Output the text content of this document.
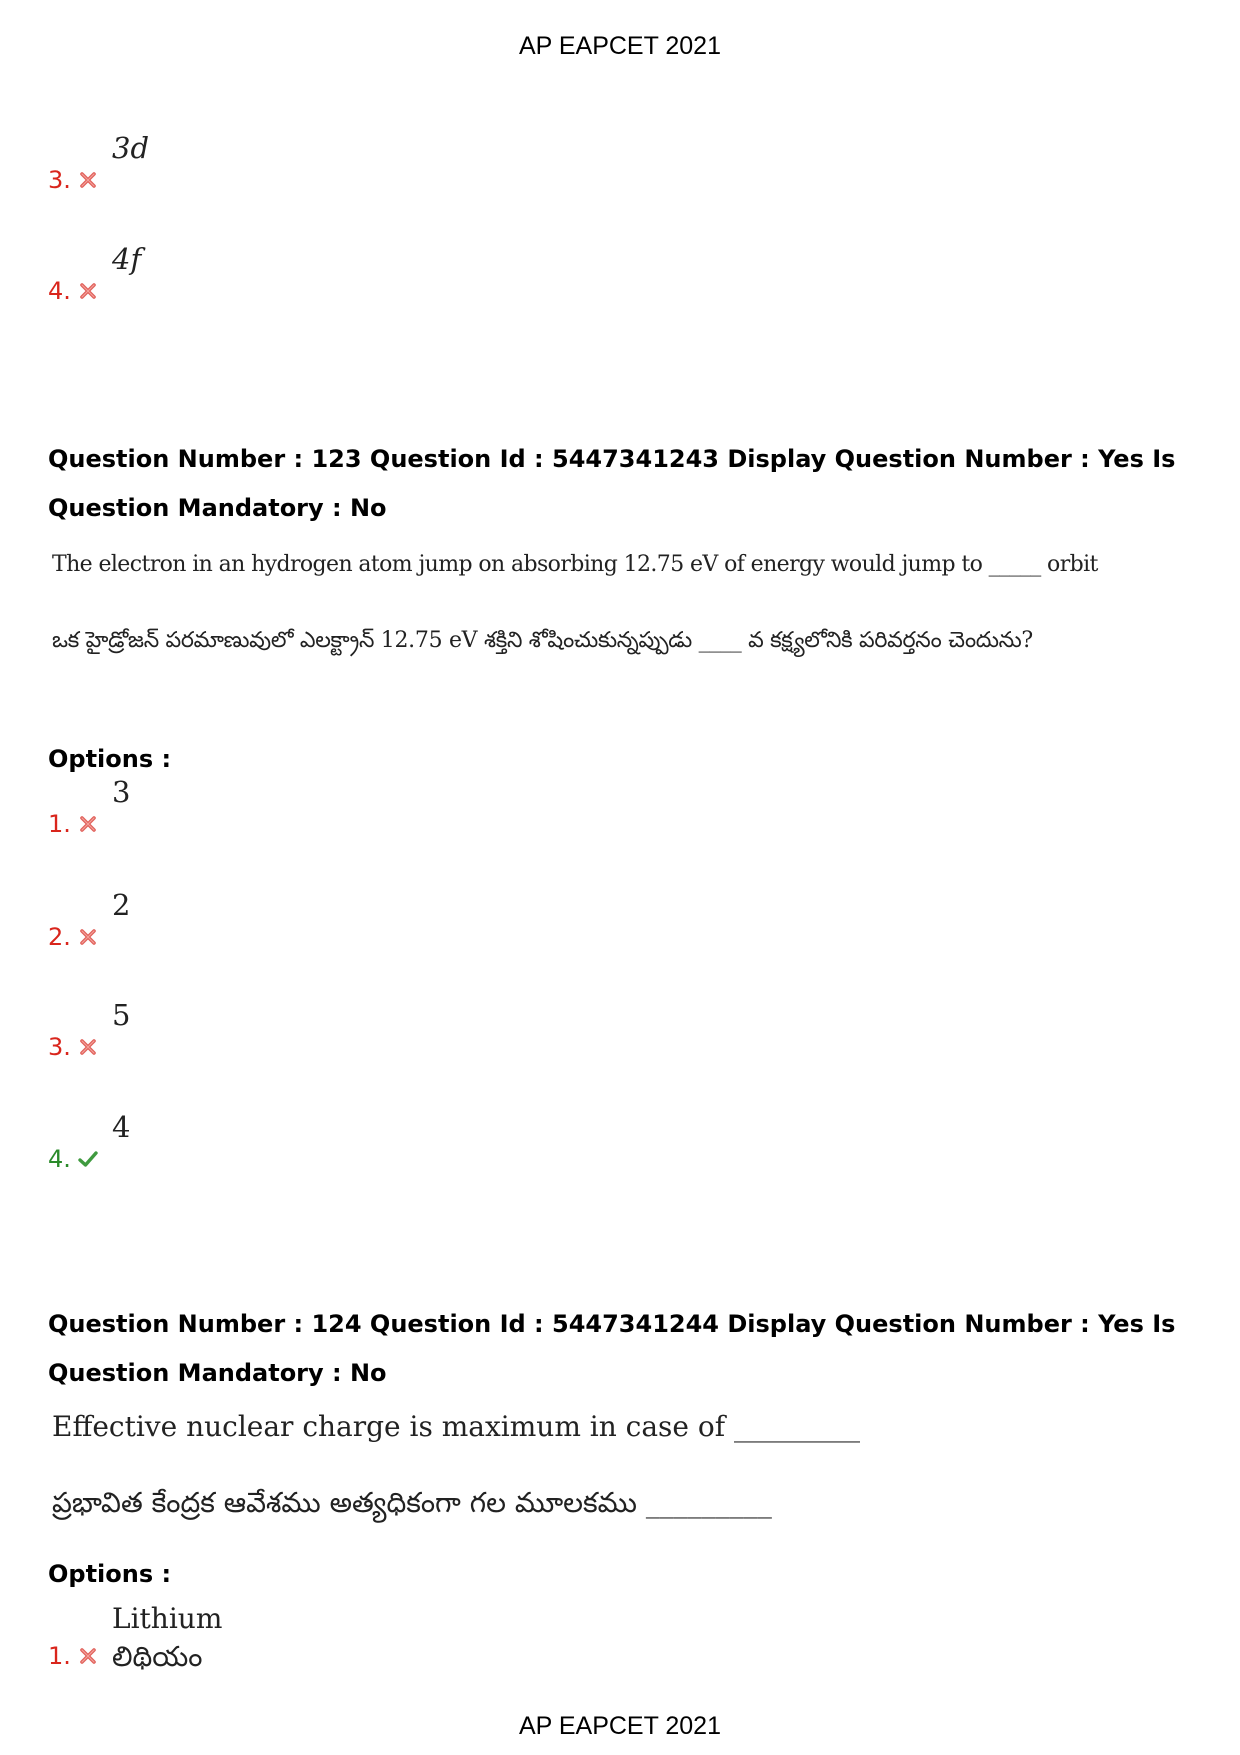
AP EAPCET 2021
3.
3d
4.
4f
Question Number : 123 Question Id : 5447341243 Display Question Number : Yes Is Question Mandatory : No
The electron in an hydrogen atom jump on absorbing 12.75 eV of energy would jump to _____ orbit
ఒక హైడ్రోజన్ పరమాణువులో ఎలక్ట్రాన్ 12.75 eV శక్తిని శోషించుకున్నప్పుడు ____ వ కక్ష్యలోనికి పరివర్తనం చెందును?
Options :
1.
3
2.
2
3.
5
4.
4
Question Number : 124 Question Id : 5447341244 Display Question Number : Yes Is Question Mandatory : No
Effective nuclear charge is maximum in case of _________
ప్రభావిత కేంద్రక ఆవేశము అత్యధికంగా గల మూలకము _________
Options :
1.
Lithium
లిథియం
AP EAPCET 2021
